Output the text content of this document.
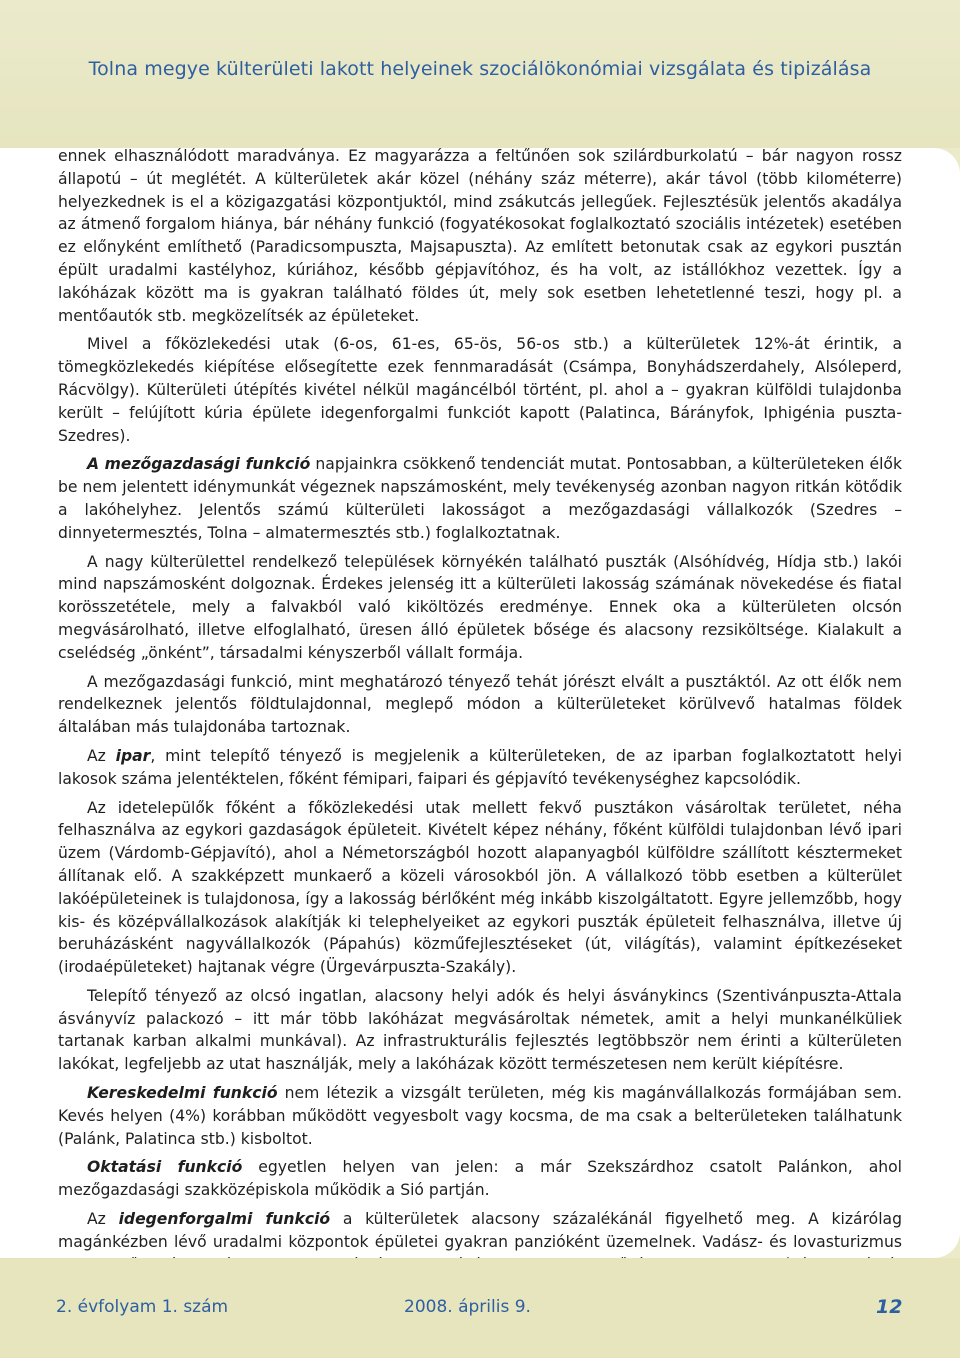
Tolna megye külterületi lakott helyeinek szociálökonómiai vizsgálata és tipizálása

ennek elhasználódott maradványa. Ez magyarázza a feltűnően sok szilárdburkolatú – bár nagyon rossz állapotú – út meglétét. A külterületek akár közel (néhány száz méterre), akár távol (több kilométerre) helyezkednek is el a közigazgatási központjuktól, mind zsákutcás jellegűek. Fejlesztésük jelentős akadálya az átmenő forgalom hiánya, bár néhány funkció (fogyatékosokat foglalkoztató szociális intézetek) esetében ez előnyként említhető (Paradicsompuszta, Majsapuszta). Az említett betonutak csak az egykori pusztán épült uradalmi kastélyhoz, kúriához, később gépjavítóhoz, és ha volt, az istállókhoz vezettek. Így a lakóházak között ma is gyakran található földes út, mely sok esetben lehetetlenné teszi, hogy pl. a mentőautók stb. megközelítsék az épületeket.

Mivel a főközlekedési utak (6-os, 61-es, 65-ös, 56-os stb.) a külterületek 12%-át érintik, a tömegközlekedés kiépítése elősegítette ezek fennmaradását (Csámpa, Bonyhádszerdahely, Alsóleperd, Rácvölgy). Külterületi útépítés kivétel nélkül magáncélból történt, pl. ahol a – gyakran külföldi tulajdonba került – felújított kúria épülete idegenforgalmi funkciót kapott (Palatinca, Bárányfok, Iphigénia puszta-Szedres).

A mezőgazdasági funkció napjainkra csökkenő tendenciát mutat. Pontosabban, a külterületeken élők be nem jelentett idénymunkát végeznek napszámosként, mely tevékenység azonban nagyon ritkán kötődik a lakóhelyhez. Jelentős számú külterületi lakosságot a mezőgazdasági vállalkozók (Szedres – dinnyetermesztés, Tolna – almatermesztés stb.) foglalkoztatnak.

A nagy külterülettel rendelkező települések környékén található puszták (Alsóhídvég, Hídja stb.) lakói mind napszámosként dolgoznak. Érdekes jelenség itt a külterületi lakosság számának növekedése és fiatal korösszetétele, mely a falvakból való kiköltözés eredménye. Ennek oka a külterületen olcsón megvásárolható, illetve elfoglalható, üresen álló épületek bősége és alacsony rezsiköltsége. Kialakult a cselédség „önként”, társadalmi kényszerből vállalt formája.

A mezőgazdasági funkció, mint meghatározó tényező tehát jórészt elvált a pusztáktól. Az ott élők nem rendelkeznek jelentős földtulajdonnal, meglepő módon a külterületeket körülvevő hatalmas földek általában más tulajdonába tartoznak.

Az ipar, mint telepítő tényező is megjelenik a külterületeken, de az iparban foglalkoztatott helyi lakosok száma jelentéktelen, főként fémipari, faipari és gépjavító tevékenységhez kapcsolódik.

Az idetelepülők főként a főközlekedési utak mellett fekvő pusztákon vásároltak területet, néha felhasználva az egykori gazdaságok épületeit. Kivételt képez néhány, főként külföldi tulajdonban lévő ipari üzem (Várdomb-Gépjavító), ahol a Németországból hozott alapanyagból külföldre szállított késztermeket állítanak elő. A szakképzett munkaerő a közeli városokból jön. A vállalkozó több esetben a külterület lakóépületeinek is tulajdonosa, így a lakosság bérlőként még inkább kiszolgáltatott. Egyre jellemzőbb, hogy kis- és középvállalkozások alakítják ki telephelyeiket az egykori puszták épületeit felhasználva, illetve új beruházásként nagyvállalkozók (Pápahús) közműfejlesztéseket (út, világítás), valamint építkezéseket (irodaépületeket) hajtanak végre (Ürgevárpuszta-Szakály).

Telepítő tényező az olcsó ingatlan, alacsony helyi adók és helyi ásványkincs (Szentivánpuszta-Attala ásványvíz palackozó – itt már több lakóházat megvásároltak németek, amit a helyi munkanélküliek tartanak karban alkalmi munkával). Az infrastrukturális fejlesztés legtöbbször nem érinti a külterületen lakókat, legfeljebb az utat használják, mely a lakóházak között természetesen nem került kiépítésre.

Kereskedelmi funkció nem létezik a vizsgált területen, még kis magánvállalkozás formájában sem. Kevés helyen (4%) korábban működött vegyesbolt vagy kocsma, de ma csak a belterületeken találhatunk (Palánk, Palatinca stb.) kisboltot.

Oktatási funkció egyetlen helyen van jelen: a már Szekszárdhoz csatolt Palánkon, ahol mezőgazdasági szakközépiskola működik a Sió partján.

Az idegenforgalmi funkció a külterületek alacsony százalékánál figyelhető meg. A kizárólag magánkézben lévő uradalmi központok épületei gyakran panzióként üzemelnek. Vadász- és lovasturizmus

2. évfolyam 1. szám	2008. április 9.	12
